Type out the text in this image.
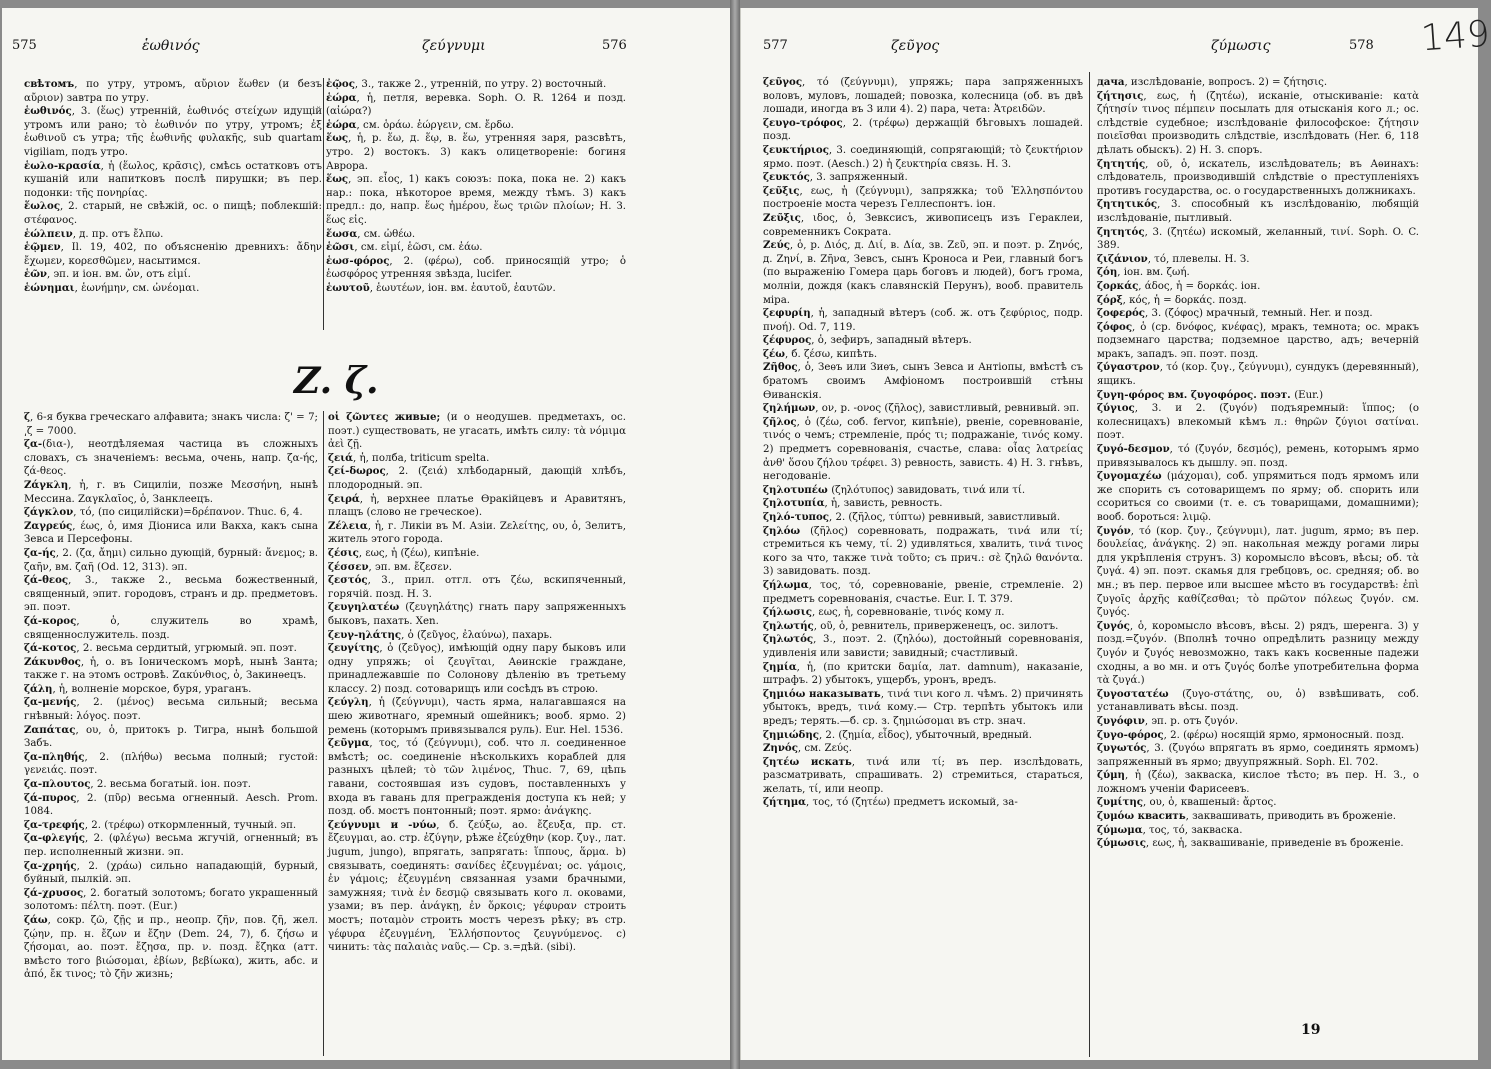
575	ἑωθινός	ζεύγνυμι	576

свѣтомъ, по утру, утромъ, αὔριον ἕωθεν (и безъ αὔριον) завтра по утру.

ἑωθινός, 3. (ἕως) утренній, ἑωθινός στείχων идущій утромъ или рано; τὸ ἑωθινόν по утру, утромъ; ἐξ ἑωθινοῦ съ утра; τῆς ἑωθινῆς φυλακῆς, sub quartam vigiliam, подъ утро.

ἑωλο-κρασία, ἡ (ἕωλος, κρᾶσις), смѣсь остатковъ отъ кушаній или напитковъ послѣ пирушки; въ пер. подонки: τῆς πονηρίας.

ἕωλος, 2. старый, не свѣжій, ос. о пищѣ; поблекшій: στέφανος.

ἑώλπειν, д. пр. отъ ἔλπω.

ἑῷμεν, Il. 19, 402, по объясненію древнихъ: ἄδην ἔχωμεν, κορεσθῶμεν, насытимся.

ἑῶν, эп. и іон. вм. ὤν, отъ εἰμί.

ἑώνημαι, ἑωνήμην, см. ὠνέομαι.

ἐῷος, 3., также 2., утренній, по утру. 2) восточный.

ἑώρα, ἡ, петля, веревка. Soph. O. R. 1264 и позд. (αἰώρα?)

ἑώρα, см. ὁράω. ἑώργειν, см. ἔρδω.

ἕως, ἡ, р. ἕω, д. ἕῳ, в. ἕω, утренняя заря, разсвѣтъ, утро. 2) востокъ. 3) какъ олицетвореніе: богиня Аврора.

ἕως, эп. εἷος, 1) какъ союзъ: пока, пока не. 2) какъ нар.: пока, нѣкоторое время, между тѣмъ. 3) какъ предл.: до, напр. ἕως ἡμέρου, ἕως τριῶν πλοίων; Н. З. ἕως εἰς.

ἕωσα, см. ὠθέω.

ἑῶσι, см. εἰμί, ἑῶσι, см. ἐάω.

ἑωσ-φόρος, 2. (φέρω), соб. приносящій утро; ὁ ἑωσφόρος утренняя звѣзда, lucifer.

ἑωυτοῦ, ἑωυτέων, іон. вм. ἑαυτοῦ, ἑαυτῶν.

Z. ζ.

ζ, 6-я буква греческаго алфавита; знакъ числа: ζ' = 7; ͵ζ = 7000.

ζα-(δια-), неотдѣляемая частица въ сложныхъ словахъ, съ значеніемъ: весьма, очень, напр. ζα-ής, ζά-θεος.

Ζάγκλη, ἡ, г. въ Сициліи, позже Μεσσήνη, нынѣ Мессина. Ζαγκλαῖος, ὁ, Занклеецъ.

ζάγκλον, τό, (по сицилійски)=δρέπανον. Thuc. 6, 4.

Ζαγρεύς, έως, ὁ, имя Діониса или Вакха, какъ сына Зевса и Персефоны.

ζα-ής, 2. (ζα, ἄημι) сильно дующій, бурный: ἄνεμος; в. ζαῆν, вм. ζαῆ (Od. 12, 313). эп.

ζά-θεος, 3., также 2., весьма божественный, священный, эпит. городовъ, странъ и др. предметовъ. эп. поэт.

ζά-κορος, ὁ, служитель во храмѣ, священнослужитель. позд.

ζά-κοτος, 2. весьма сердитый, угрюмый. эп. поэт.

Ζάκυνθος, ἡ, о. въ Іоническомъ морѣ, нынѣ Занта; также г. на этомъ островѣ. Ζακύνθιος, ὁ, Закинѳецъ.

ζάλη, ἡ, волненіе морское, буря, ураганъ.

ζα-μενής, 2. (μένος) весьма сильный; весьма гнѣвный: λόγος. поэт.

Ζαπάτας, ου, ὁ, притокъ р. Тигра, нынѣ большой Забъ.

ζα-πληθής, 2. (πλήθω) весьма полный; густой: γενειάς. поэт.

ζα-πλουτος, 2. весьма богатый. іон. поэт.

ζά-πυρος, 2. (πῦρ) весьма огненный. Aesch. Prom. 1084.

ζα-τρεφής, 2. (τρέφω) откормленный, тучный. эп.

ζα-φλεγής, 2. (φλέγω) весьма жгучій, огненный; въ пер. исполненный жизни. эп.

ζα-χρηής, 2. (χράω) сильно нападающій, бурный, буйный, пылкій. эп.

ζά-χρυσος, 2. богатый золотомъ; богато украшенный золотомъ: πέλτη. поэт. (Eur.)

ζάω, сокр. ζῶ, ζῇς и пр., неопр. ζῆν, пов. ζῆ, жел. ζῴην, пр. н. ἔζων и ἔζην (Dem. 24, 7), б. ζήσω и ζήσομαι, ао. поэт. ἔζησα, пр. ν. позд. ἔζηκα (атт. вмѣсто того βιώσομαι, ἐβίων, βεβίωκα), жить, абс. и ἀπό, ἔκ τινος; τὸ ζῆν жизнь;

οἱ ζῶντες живые; (и о неодушев. предметахъ, ос. поэт.) существовать, не угасать, имѣть силу: τὰ νόμιμα ἀεὶ ζῇ.

ζειά, ἡ, полба, triticum spelta.

ζεί-δωρος, 2. (ζειά) хлѣбодарный, дающій хлѣбъ, плодородный. эп.

ζειρά, ἡ, верхнее платье Ѳракійцевъ и Аравитянъ, плащъ (слово не греческое).

Ζέλεια, ἡ, г. Ликіи въ М. Азіи. Ζελείτης, ου, ὁ, Зелитъ, житель этого города.

ζέσις, εως, ἡ (ζέω), кипѣніе.

ζέσσεν, эп. вм. ἔζεσεν.

ζεστός, 3., прил. отгл. отъ ζέω, вскипяченный, горячій. позд. Н. З.

ζευγηλατέω (ζευγηλάτης) гнать пару запряженныхъ быковъ, пахать. Xen.

ζευγ-ηλάτης, ὁ (ζεῦγος, ἐλαύνω), пахарь.

ζευγίτης, ὁ (ζεῦγος), имѣющій одну пару быковъ или одну упряжь; οἱ ζευγῖται, Аѳинскіе граждане, принадлежавшіе по Солонову дѣленію въ третьему классу. 2) позд. сотоварищъ или сосѣдъ въ строю.

ζεύγλη, ἡ (ζεύγνυμι), часть ярма, налагавшаяся на шею животнаго, яремный ошейникъ; вооб. ярмо. 2) ремень (которымъ привязывался руль). Eur. Hel. 1536.

ζεῦγμα, τος, τό (ζεύγνυμι), соб. что л. соединенное вмѣстѣ; ос. соединеніе нѣсколькихъ кораблей для разныхъ цѣлей; τὸ τῶν λιμένος, Thuc. 7, 69, цѣпь гавани, состоявшая изъ судовъ, поставленныхъ у входа въ гавань для прегражденія доступа къ ней; у позд. об. мостъ понтонный; поэт. ярмо: ἀνάγκης.

ζεύγνυμι и -νύω, б. ζεύξω, ао. ἔζευξα, пр. ст. ἔζευγμαι, ао. стр. ἐζύγην, рѣже ἐζεύχθην (кор. ζυγ., лат. jugum, jungo), впрягать, запрягать: ἵππους, ἅρμα. b) связывать, соединять: σανίδες ἐζευγμέναι; ос. γάμοις, ἐν γάμοις; ἐζευγμένη связанная узами брачными, замужняя; τινὰ ἐν δεσμῷ связывать кого л. оковами, узами; въ пер. ἀνάγκῃ, ἐν ὅρκοις; γέφυραν строить мостъ; ποταμὸν строить мостъ черезъ рѣку; въ стр. γέφυρα ἐζευγμένη, Ἑλλήσποντος ζευγνύμενος. c) чинить: τὰς παλαιὰς ναῦς.— Ср. з.=дѣй. (sibi).

577	ζεῦγος	ζύμωσις	578 149

ζεῦγος, τό (ζεύγνυμι), упряжь; пара запряженныхъ воловъ, муловъ, лошадей; повозка, колесница (об. въ двѣ лошади, иногда въ 3 или 4). 2) пара, чета: Ἀτρειδῶν.

ζευγο-τρόφος, 2. (τρέφω) держащій бѣговыхъ лошадей. позд.

ζευκτήριος, 3. соединяющій, сопрягающій; τὸ ζευκτήριον ярмо. поэт. (Aesch.) 2) ἡ ζευκτηρία связь. Н. З.

ζευκτός, 3. запряженный.

ζεῦξις, εως, ἡ (ζεύγνυμι), запряжка; τοῦ Ἑλλησπόντου построеніе моста черезъ Геллеспонтъ. іон.

Ζεῦξις, ιδος, ὁ, Зевксисъ, живописецъ изъ Гераклеи, современникъ Сократа.

Ζεύς, ὁ, р. Διός, д. Διί, в. Δία, зв. Ζεῦ, эп. и поэт. р. Ζηνός, д. Ζηνί, в. Ζῆνα, Зевсъ, сынъ Кроноса и Реи, главный богъ (по выраженію Гомера царь боговъ и людей), богъ грома, молніи, дождя (какъ славянскій Перунъ), вооб. правитель міра.

ζεφυρίη, ἡ, западный вѣтеръ (соб. ж. отъ ζεφύριος, подр. πνοή). Od. 7, 119.

ζέφυρος, ὁ, зефиръ, западный вѣтеръ.

ζέω, б. ζέσω, кипѣть.

Ζῆθος, ὁ, Зеѳъ или Зиѳъ, сынъ Зевса и Антіопы, вмѣстѣ съ братомъ своимъ Амфіономъ построившій стѣны Ѳиванскія.

ζηλήμων, ον, р. -ονος (ζῆλος), завистливый, ревнивый. эп.

ζῆλος, ὁ (ζέω, соб. fervor, кипѣніе), рвеніе, соревнованіе, τινός о чемъ; стремленіе, πρός τι; подражаніе, τινός кому. 2) предметъ соревнованія, счастье, слава: οἷας λατρείας ἀνθ' ὅσου ζήλου τρέφει. 3) ревность, зависть. 4) Н. З. гнѣвъ, негодованіе.

ζηλοτυπέω (ζηλότυπος) завидовать, τινά или τί.

ζηλοτυπία, ἡ, зависть, ревность.

ζηλό-τυπος, 2. (ζῆλος, τύπτω) ревнивый, завистливый.

ζηλόω (ζῆλος) соревновать, подражать, τινά или τί; стремиться къ чему, τί. 2) удивляться, хвалить, τινά τινος кого за что, также τινὰ τοῦτο; съ прич.: σὲ ζηλῶ θανόντα. 3) завидовать. позд.

ζήλωμα, τος, τό, соревнованіе, рвеніе, стремленіе. 2) предметъ соревнованія, счастье. Eur. I. T. 379.

ζήλωσις, εως, ἡ, соревнованіе, τινός кому л.

ζηλωτής, οῦ, ὁ, ревнитель, приверженецъ, ос. зилотъ.

ζηλωτός, 3., поэт. 2. (ζηλόω), достойный соревнованія, удивленія или зависти; завидный; счастливый.

ζημία, ἡ, (по критски δαμία, лат. damnum), наказаніе, штрафъ. 2) убытокъ, ущербъ, уронъ, вредъ.

ζημιόω наказывать, τινά τινι кого л. чѣмъ. 2) причинять убытокъ, вредъ, τινά кому.— Стр. терпѣть убытокъ или вредъ; терять.—б. ср. з. ζημιώσομαι въ стр. знач.

ζημιώδης, 2. (ζημία, εἶδος), убыточный, вредный.

Ζηνός, см. Ζεύς.

ζητέω искать, τινά или τί; въ пер. изслѣдовать, разсматривать, спрашивать. 2) стремиться, стараться, желать, τί, или неопр.

ζήτημα, τος, τό (ζητέω) предметъ искомый, за-

дача, изслѣдованіе, вопросъ. 2) = ζήτησις.

ζήτησις, εως, ἡ (ζητέω), исканіе, отыскиваніе: κατὰ ζήτησίν τινος πέμπειν посылать для отысканія кого л.; ос. слѣдствіе судебное; изслѣдованіе философское: ζήτησιν ποιεῖσθαι производить слѣдствіе, изслѣдовать (Her. 6, 118 дѣлать обыскъ). 2) Н. З. споръ.

ζητητής, οῦ, ὁ, искатель, изслѣдователь; въ Аѳинахъ: слѣдователь, производившій слѣдствіе о преступленіяхъ противъ государства, ос. о государственныхъ должникахъ.

ζητητικός, 3. способный къ изслѣдованію, любящій изслѣдованіе, пытливый.

ζητητός, 3. (ζητέω) искомый, желанный, τινί. Soph. O. C. 389.

ζιζάνιον, τό, плевелы. Н. З.

ζόη, іон. вм. ζωή.

ζορκάς, άδος, ἡ = δορκάς. іон.

ζόρξ, κός, ἡ = δορκάς. позд.

ζοφερός, 3. (ζόφος) мрачный, темный. Her. и позд.

ζόφος, ὁ (ср. δνόφος, κνέφας), мракъ, темнота; ос. мракъ подземнаго царства; подземное царство, адъ; вечерній мракъ, западъ. эп. поэт. позд.

ζύγαστρον, τό (кор. ζυγ., ζεύγνυμι), сундукъ (деревянный), ящикъ.

ζυγη-φόρος вм. ζυγοφόρος. поэт. (Eur.)

ζύγιος, 3. и 2. (ζυγόν) подъяремный: ἵππος; (о колесницахъ) влекомый кѣмъ л.: θηρῶν ζύγιοι σατίναι. поэт.

ζυγό-δεσμον, τό (ζυγόν, δεσμός), ремень, которымъ ярмо привязывалось къ дышлу. эп. позд.

ζυγομαχέω (μάχομαι), соб. упрямиться подъ ярмомъ или же спорить съ сотоварищемъ по ярму; об. спорить или ссориться со своими (т. е. съ товарищами, домашними); вооб. бороться: λιμῷ.

ζυγόν, τό (кор. ζυγ., ζεύγνυμι), лат. jugum, ярмо; въ пер. δουλείας, ἀνάγκης. 2) эп. накольная между рогами лиры для укрѣпленія струнъ. 3) коромысло вѣсовъ, вѣсы; об. τὰ ζυγά. 4) эп. поэт. скамья для гребцовъ, ос. средняя; об. во мн.; въ пер. первое или высшее мѣсто въ государствѣ: ἐπὶ ζυγοῖς ἀρχῆς καθίζεσθαι; τὸ πρῶτον πόλεως ζυγόν. см. ζυγός.

ζυγός, ὁ, коромысло вѣсовъ, вѣсы. 2) рядъ, шеренга. 3) у позд.=ζυγόν. (Вполнѣ точно опредѣлить разницу между ζυγόν и ζυγός невозможно, такъ какъ косвенные падежи сходны, а во мн. и отъ ζυγός болѣе употребительна форма τὰ ζυγά.)

ζυγοστατέω (ζυγο-στάτης, ου, ὁ) взвѣшивать, соб. устанавливать вѣсы. позд.

ζυγόφιν, эп. р. отъ ζυγόν.

ζυγο-φόρος, 2. (φέρω) носящій ярмо, ярмоносный. позд.

ζυγωτός, 3. (ζυγόω впрягать въ ярмо, соединять ярмомъ) запряженный въ ярмо; двуупряжный. Soph. El. 702.

ζύμη, ἡ (ζέω), закваска, кислое тѣсто; въ пер. Н. З., о ложномъ ученіи Фарисеевъ.

ζυμίτης, ου, ὁ, квашеный: ἄρτος.

ζυμόω квасить, заквашивать, приводить въ броженіе.

ζύμωμα, τος, τό, закваска.

ζύμωσις, εως, ἡ, заквашиваніе, приведеніе въ броженіе.

19
